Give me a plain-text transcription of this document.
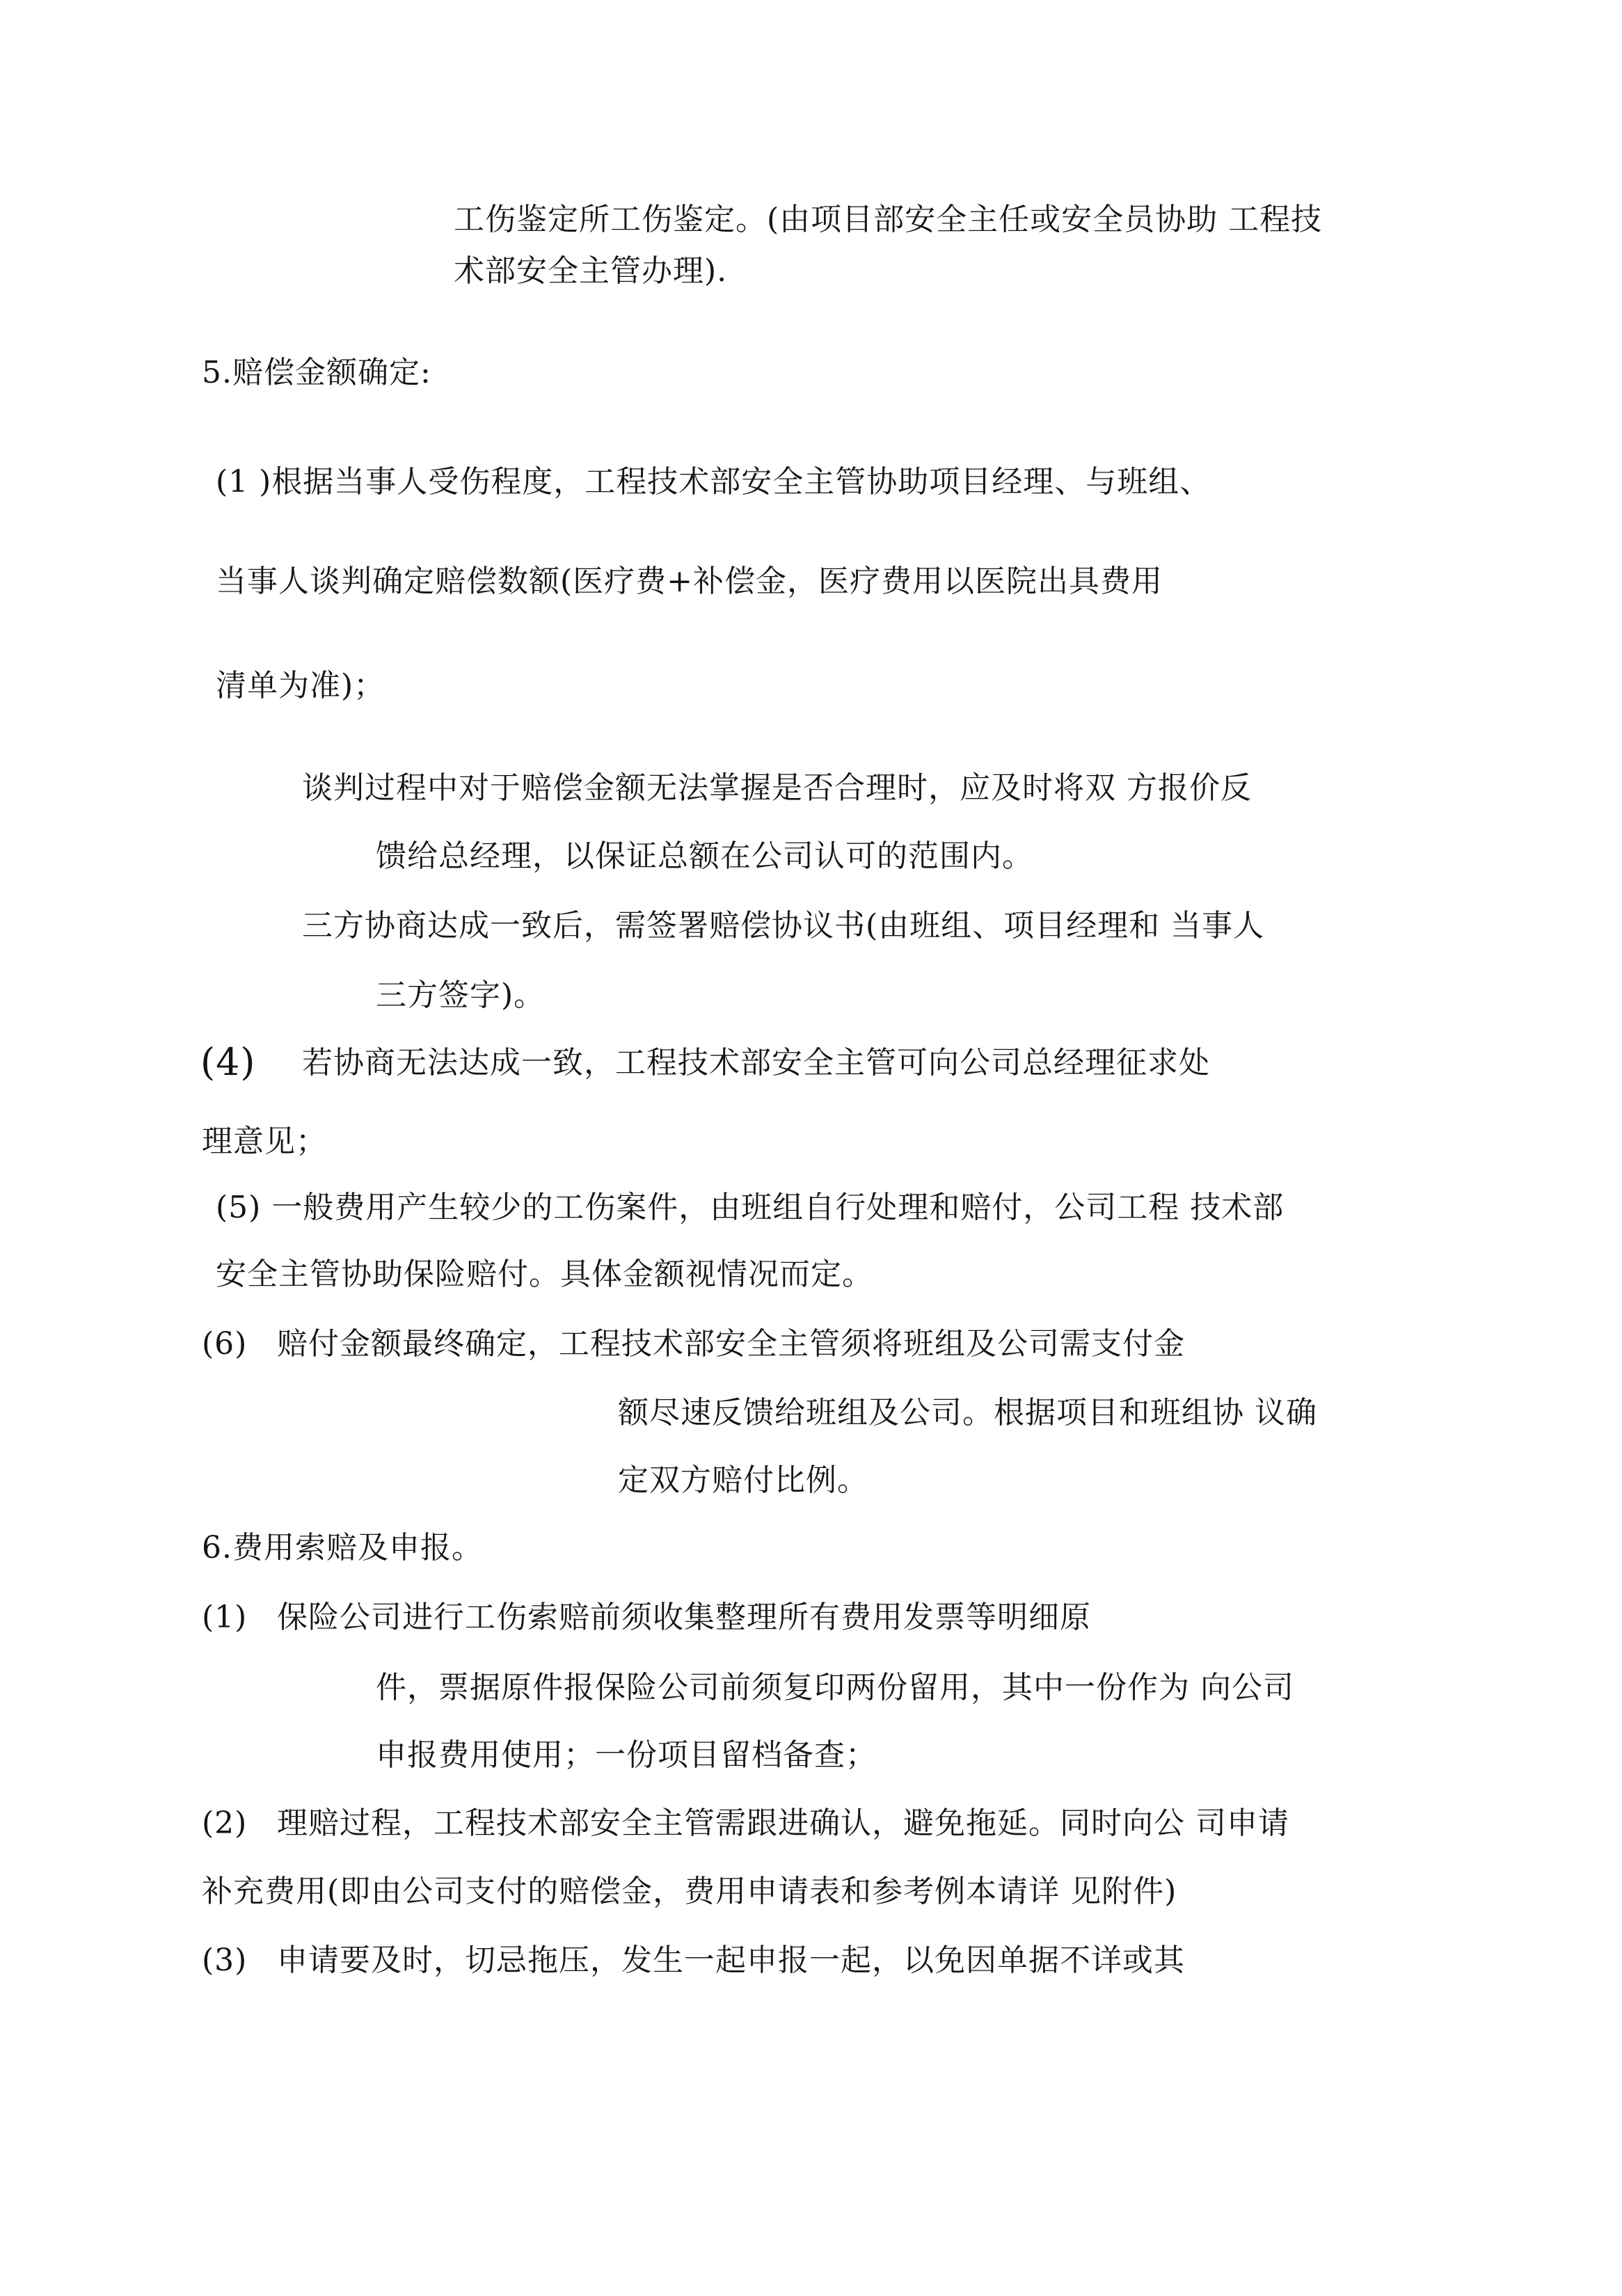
工伤鉴定所工伤鉴定。(由项目部安全主任或安全员协助 工程技
术部安全主管办理).
5.赔偿金额确定:
(1 )根据当事人受伤程度，工程技术部安全主管协助项目经理、与班组、
当事人谈判确定赔偿数额(医疗费+补偿金，医疗费用以医院出具费用
清单为准)；
谈判过程中对于赔偿金额无法掌握是否合理时，应及时将双 方报价反
馈给总经理，以保证总额在公司认可的范围内。
三方协商达成一致后，需签署赔偿协议书(由班组、项目经理和 当事人
三方签字)。
(4) 若协商无法达成一致，工程技术部安全主管可向公司总经理征求处
理意见；
(5) 一般费用产生较少的工伤案件，由班组自行处理和赔付，公司工程 技术部
安全主管协助保险赔付。具体金额视情况而定。
(6) 赔付金额最终确定，工程技术部安全主管须将班组及公司需支付金
额尽速反馈给班组及公司。根据项目和班组协 议确
定双方赔付比例。
6.费用索赔及申报。
(1) 保险公司进行工伤索赔前须收集整理所有费用发票等明细原
件，票据原件报保险公司前须复印两份留用，其中一份作为 向公司
申报费用使用；一份项目留档备查；
(2) 理赔过程，工程技术部安全主管需跟进确认，避免拖延。同时向公 司申请
补充费用(即由公司支付的赔偿金，费用申请表和参考例本请详 见附件)
(3) 申请要及时，切忌拖压，发生一起申报一起，以免因单据不详或其
